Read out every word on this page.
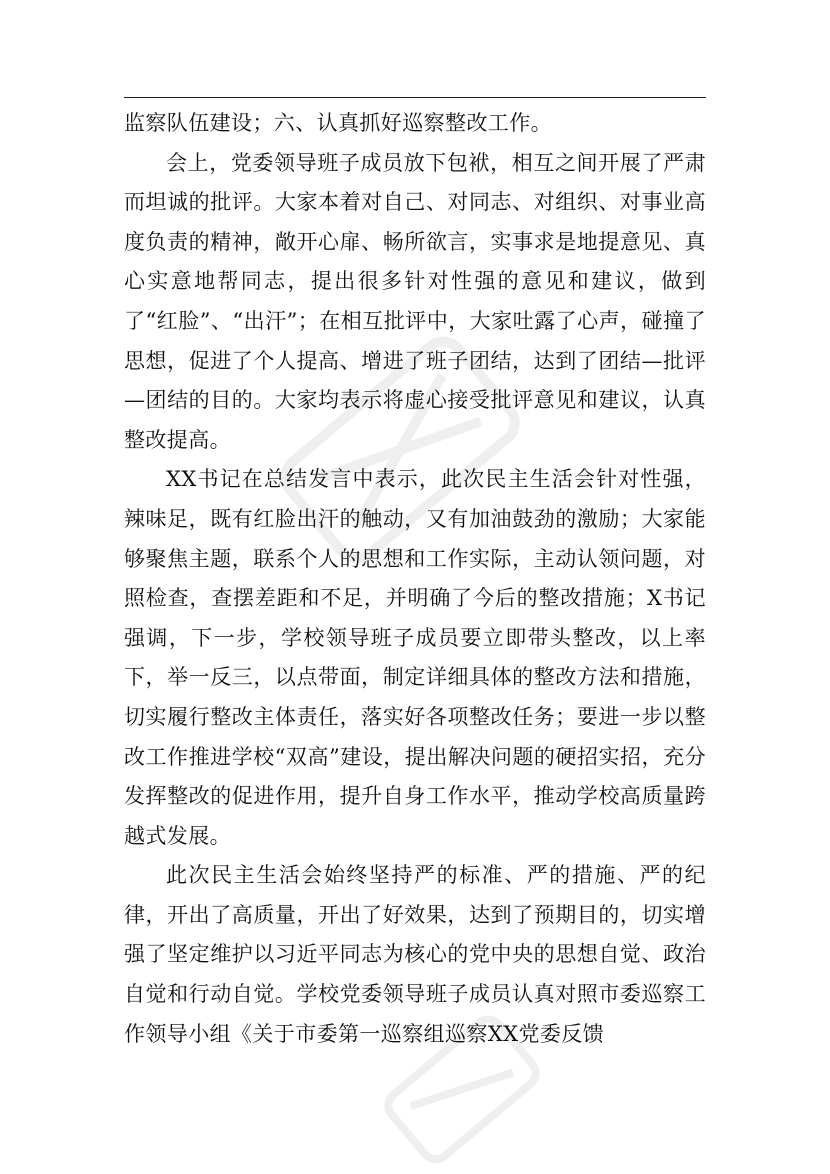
监察队伍建设；六、认真抓好巡察整改工作。

会上，党委领导班子成员放下包袱，相互之间开展了严肃而坦诚的批评。大家本着对自己、对同志、对组织、对事业高度负责的精神，敞开心扉、畅所欲言，实事求是地提意见、真心实意地帮同志，提出很多针对性强的意见和建议，做到了“红脸”、“出汗”；在相互批评中，大家吐露了心声，碰撞了思想，促进了个人提高、增进了班子团结，达到了团结—批评—团结的目的。大家均表示将虚心接受批评意见和建议，认真整改提高。

XX书记在总结发言中表示，此次民主生活会针对性强，辣味足，既有红脸出汗的触动，又有加油鼓劲的激励；大家能够聚焦主题，联系个人的思想和工作实际，主动认领问题，对照检查，查摆差距和不足，并明确了今后的整改措施；X书记强调，下一步，学校领导班子成员要立即带头整改，以上率下，举一反三，以点带面，制定详细具体的整改方法和措施，切实履行整改主体责任，落实好各项整改任务；要进一步以整改工作推进学校“双高”建设，提出解决问题的硬招实招，充分发挥整改的促进作用，提升自身工作水平，推动学校高质量跨越式发展。

此次民主生活会始终坚持严的标准、严的措施、严的纪律，开出了高质量，开出了好效果，达到了预期目的，切实增强了坚定维护以习近平同志为核心的党中央的思想自觉、政治自觉和行动自觉。学校党委领导班子成员认真对照市委巡察工作领导小组《关于市委第一巡察组巡察XX党委反馈
